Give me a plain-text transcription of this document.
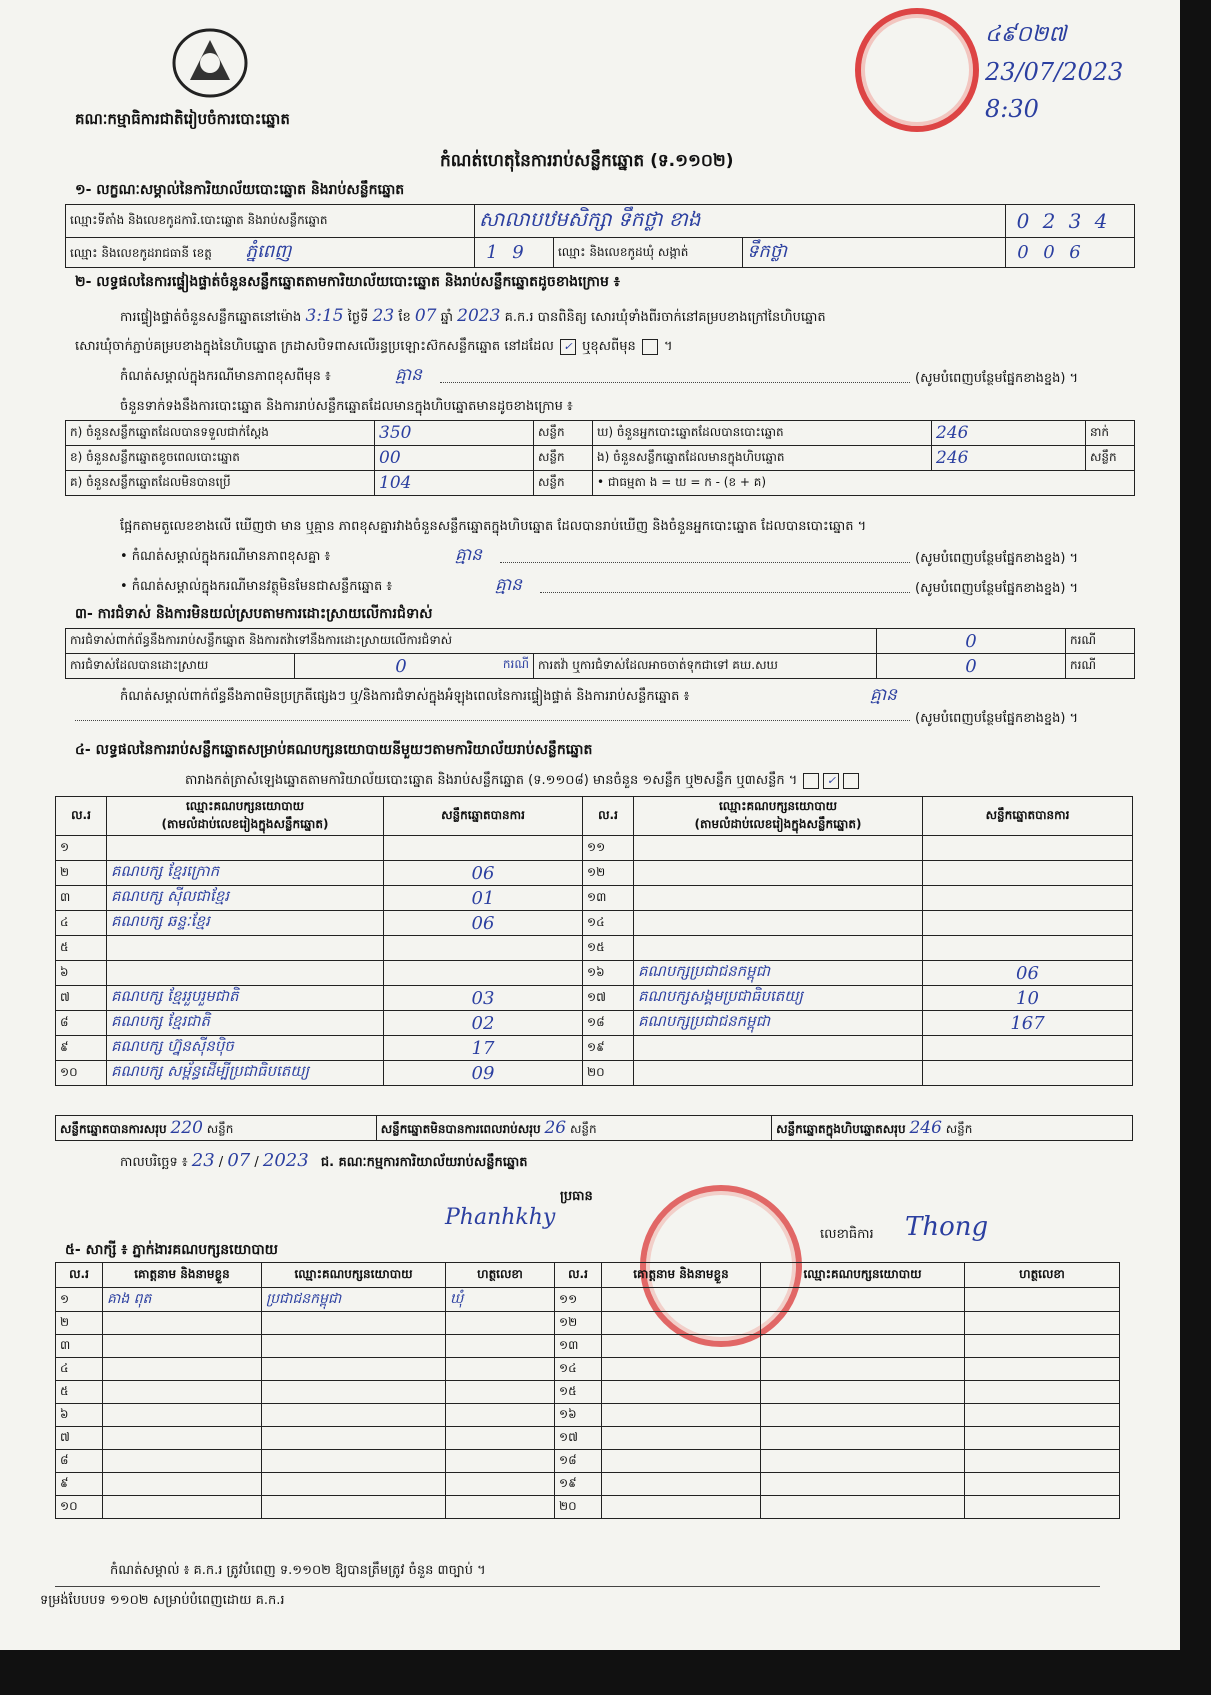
គណៈកម្មាធិការជាតិរៀបចំការបោះឆ្នោត
កំណត់ហេតុនៃការរាប់សន្លឹកឆ្នោត (ទ.១១០២)
៤៩០២៧
23/07/2023
8:30
១- លក្ខណៈសម្គាល់នៃការិយាល័យបោះឆ្នោត និងរាប់សន្លឹកឆ្នោត
ឈ្មោះទីតាំង និងលេខកូដការិ.បោះឆ្នោត និងរាប់សន្លឹកឆ្នោត	សាលាបឋមសិក្សា ទឹកថ្លា ខាង			0 2 3 4
ឈ្មោះ និងលេខកូដរាជធានី ខេត្ត ភ្នំពេញ	1 9	ឈ្មោះ និងលេខកូដឃុំ សង្កាត់	ទឹកថ្លា	0 0 6
២- លទ្ធផលនៃការផ្ទៀងផ្ទាត់ចំនួនសន្លឹកឆ្នោតតាមការិយាល័យបោះឆ្នោត និងរាប់សន្លឹកឆ្នោតដូចខាងក្រោម ៖
ការផ្ទៀងផ្ទាត់ចំនួនសន្លឹកឆ្នោតនៅម៉ោង 3:15 ថ្ងៃទី 23 ខែ 07 ឆ្នាំ 2023 គ.ក.រ បានពិនិត្យ សោរឃុំទាំងពីរចាក់នៅគម្របខាងក្រៅនៃហិបឆ្នោត
សោរឃុំចាក់ភ្ជាប់គម្របខាងក្នុងនៃហិបឆ្នោត ក្រដាសបិទពាសលើរន្ធប្រឡោះស៊កសន្លឹកឆ្នោត នៅដដែល ✓ ឬខុសពីមុន  ។
កំណត់សម្គាល់ក្នុងករណីមានភាពខុសពីមុន ៖	គ្មាន	(សូមបំពេញបន្ថែមផ្នែកខាងខ្នង) ។
ចំនួនទាក់ទងនឹងការបោះឆ្នោត និងការរាប់សន្លឹកឆ្នោតដែលមានក្នុងហិបឆ្នោតមានដូចខាងក្រោម ៖
ក) ចំនួនសន្លឹកឆ្នោតដែលបានទទួលជាក់ស្តែង	350	សន្លឹក	ឃ) ចំនួនអ្នកបោះឆ្នោតដែលបានបោះឆ្នោត	246	នាក់
ខ) ចំនួនសន្លឹកឆ្នោតខូចពេលបោះឆ្នោត	00	សន្លឹក	ង) ចំនួនសន្លឹកឆ្នោតដែលមានក្នុងហិបឆ្នោត	246	សន្លឹក
គ) ចំនួនសន្លឹកឆ្នោតដែលមិនបានប្រើ	104	សន្លឹក	• ជាធម្មតា ង = ឃ = ក - (ខ + គ)		
ផ្អែកតាមតួលេខខាងលើ ឃើញថា មាន ឬគ្មាន ភាពខុសគ្នារវាងចំនួនសន្លឹកឆ្នោតក្នុងហិបឆ្នោត ដែលបានរាប់ឃើញ និងចំនួនអ្នកបោះឆ្នោត ដែលបានបោះឆ្នោត ។
• កំណត់សម្គាល់ក្នុងករណីមានភាពខុសគ្នា ៖	គ្មាន	(សូមបំពេញបន្ថែមផ្នែកខាងខ្នង) ។
• កំណត់សម្គាល់ក្នុងករណីមានវត្ថុមិនមែនជាសន្លឹកឆ្នោត ៖	គ្មាន	(សូមបំពេញបន្ថែមផ្នែកខាងខ្នង) ។
៣- ការជំទាស់ និងការមិនយល់ស្របតាមការដោះស្រាយលើការជំទាស់
ការជំទាស់ពាក់ព័ន្ធនឹងការរាប់សន្លឹកឆ្នោត និងការតវ៉ាទៅនឹងការដោះស្រាយលើការជំទាស់			0	ករណី
ការជំទាស់ដែលបានដោះស្រាយ	0 ករណី	ការតវ៉ា ឬការជំទាស់ដែលអាចចាត់ទុកជាទៅ គឃ.សឃ	0	ករណី
កំណត់សម្គាល់ពាក់ព័ន្ធនឹងភាពមិនប្រក្រតីផ្សេងៗ ឬ/និងការជំទាស់ក្នុងអំឡុងពេលនៃការផ្ទៀងផ្ទាត់ និងការរាប់សន្លឹកឆ្នោត ៖	គ្មាន
(សូមបំពេញបន្ថែមផ្នែកខាងខ្នង) ។
៤- លទ្ធផលនៃការរាប់សន្លឹកឆ្នោតសម្រាប់គណបក្សនយោបាយនីមួយៗតាមការិយាល័យរាប់សន្លឹកឆ្នោត
តារាងកត់ត្រាសំឡេងឆ្នោតតាមការិយាល័យបោះឆ្នោត និងរាប់សន្លឹកឆ្នោត (ទ.១១០៨) មានចំនួន ១សន្លឹក ឬ២សន្លឹក ឬ៣សន្លឹក ។	✓
ល.រ	ឈ្មោះគណបក្សនយោបាយ
(តាមលំដាប់លេខរៀងក្នុងសន្លឹកឆ្នោត)	សន្លឹកឆ្នោតបានការ	ល.រ	ឈ្មោះគណបក្សនយោបាយ
(តាមលំដាប់លេខរៀងក្នុងសន្លឹកឆ្នោត)	សន្លឹកឆ្នោតបានការ
១			១១		
២	គណបក្ស ខ្មែរក្រោក	06	១២		
៣	គណបក្ស ស៊ីលជាខ្មែរ	01	១៣		
៤	គណបក្ស ឆន្ទៈខ្មែរ	06	១៤		
៥			១៥		
៦			១៦	គណបក្សប្រជាជនកម្ពុជា	06
៧	គណបក្ស ខ្មែររួបរួមជាតិ	03	១៧	គណបក្សសង្គមប្រជាធិបតេយ្យ	10
៨	គណបក្ស ខ្មែរជាតិ	02	១៨	គណបក្សប្រជាជនកម្ពុជា	167
៩	គណបក្ស ហ្វ៊ុនស៊ីនប៉ិច	17	១៩		
១០	គណបក្ស សម្ព័ន្ធដើម្បីប្រជាធិបតេយ្យ	09	២០		
សន្លឹកឆ្នោតបានការសរុប 220 សន្លឹក	សន្លឹកឆ្នោតមិនបានការពេលរាប់សរុប 26 សន្លឹក	សន្លឹកឆ្នោតក្នុងហិបឆ្នោតសរុប 246 សន្លឹក
កាលបរិច្ឆេទ ៖ 23 / 07 / 2023 ជ. គណៈកម្មការការិយាល័យរាប់សន្លឹកឆ្នោត
ប្រធាន
Phanhkhy
លេខាធិការ Thong
៥- សាក្សី ៖ ភ្នាក់ងារគណបក្សនយោបាយ
ល.រ	គោត្តនាម និងនាមខ្លួន	ឈ្មោះគណបក្សនយោបាយ	ហត្ថលេខា	ល.រ	គោត្តនាម និងនាមខ្លួន	ឈ្មោះគណបក្សនយោបាយ	ហត្ថលេខា
១	គាង ពុត	ប្រជាជនកម្ពុជា	ឃុំ	១១			
២				១២			
៣				១៣			
៤				១៤			
៥				១៥			
៦				១៦			
៧				១៧			
៨				១៨			
៩				១៩			
១០				២០			
កំណត់សម្គាល់ ៖ គ.ក.រ ត្រូវបំពេញ ទ.១១០២ ឱ្យបានត្រឹមត្រូវ ចំនួន ៣ច្បាប់ ។
ទម្រង់បែបបទ ១១០២ សម្រាប់បំពេញដោយ គ.ក.រ
